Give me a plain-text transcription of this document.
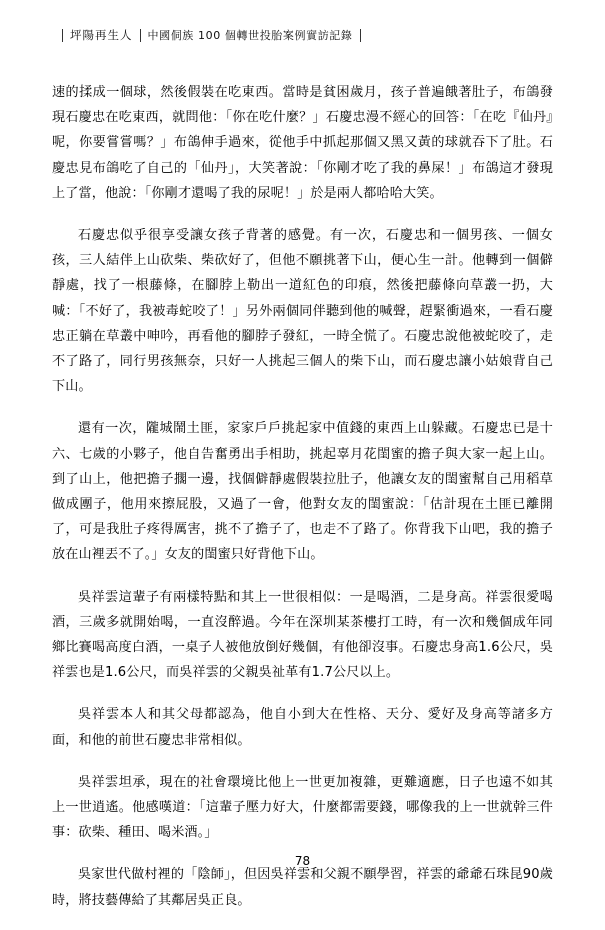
坪陽再生人 中國侗族 100 個轉世投胎案例實訪記錄

速的揉成一個球，然後假裝在吃東西。當時是貧困歲月，孩子普遍餓著肚子，布鴿發現石慶忠在吃東西，就問他：「你在吃什麼？」石慶忠漫不經心的回答：「在吃『仙丹』呢，你要嘗嘗嗎？」布鴿伸手過來，從他手中抓起那個又黑又黃的球就吞下了肚。石慶忠見布鴿吃了自己的「仙丹」，大笑著說：「你剛才吃了我的鼻屎！」布鴿這才發現上了當，他說：「你剛才還喝了我的尿呢！」於是兩人都哈哈大笑。

石慶忠似乎很享受讓女孩子背著的感覺。有一次，石慶忠和一個男孩、一個女孩，三人結伴上山砍柴、柴砍好了，但他不願挑著下山，便心生一計。他轉到一個僻靜處，找了一根藤條，在腳脖上勒出一道紅色的印痕，然後把藤條向草叢一扔，大喊：「不好了，我被毒蛇咬了！」另外兩個同伴聽到他的喊聲，趕緊衝過來，一看石慶忠正躺在草叢中呻吟，再看他的腳脖子發紅，一時全慌了。石慶忠說他被蛇咬了，走不了路了，同行男孩無奈，只好一人挑起三個人的柴下山，而石慶忠讓小姑娘背自己下山。

還有一次，隴城鬧土匪，家家戶戶挑起家中值錢的東西上山躲藏。石慶忠已是十六、七歲的小夥子，他自告奮勇出手相助，挑起辜月花閨蜜的擔子與大家一起上山。到了山上，他把擔子擱一邊，找個僻靜處假裝拉肚子，他讓女友的閨蜜幫自己用稻草做成團子，他用來擦屁股，又過了一會，他對女友的閨蜜說：「估計現在土匪已離開了，可是我肚子疼得厲害，挑不了擔子了，也走不了路了。你背我下山吧，我的擔子放在山裡丟不了。」女友的閨蜜只好背他下山。

吳祥雲這輩子有兩樣特點和其上一世很相似：一是喝酒，二是身高。祥雲很愛喝酒，三歲多就開始喝，一直沒醉過。今年在深圳某茶樓打工時，有一次和幾個成年同鄉比賽喝高度白酒，一桌子人被他放倒好幾個，有他卻沒事。石慶忠身高1.6公尺，吳祥雲也是1.6公尺，而吳祥雲的父親吳祉革有1.7公尺以上。

吳祥雲本人和其父母都認為，他自小到大在性格、天分、愛好及身高等諸多方面，和他的前世石慶忠非常相似。

吳祥雲坦承，現在的社會環境比他上一世更加複雜，更難適應，日子也遠不如其上一世逍遙。他感嘆道：「這輩子壓力好大，什麼都需要錢，哪像我的上一世就幹三件事：砍柴、種田、喝米酒。」

吳家世代做村裡的「陰師」，但因吳祥雲和父親不願學習，祥雲的爺爺石珠昆90歲時，將技藝傳給了其鄰居吳正良。

78
